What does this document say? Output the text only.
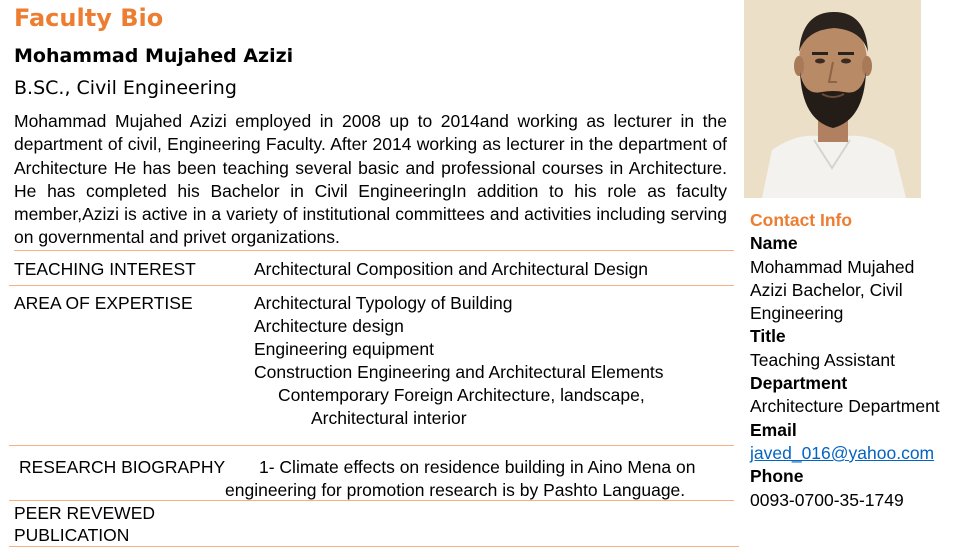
Faculty Bio
Mohammad Mujahed Azizi
B.SC., Civil Engineering
Mohammad Mujahed Azizi employed in 2008 up to 2014and working as lecturer in the department of civil, Engineering Faculty. After 2014 working as lecturer in the department of Architecture He has been teaching several basic and professional courses in Architecture. He has completed his Bachelor in Civil EngineeringIn addition to his role as faculty member,Azizi is active in a variety of institutional committees and activities including serving on governmental and privet organizations.
TEACHING INTEREST	Architectural Composition and Architectural Design
AREA OF EXPERTISE	Architectural Typology of Building
Architecture design
Engineering equipment
Construction Engineering and Architectural Elements
Contemporary Foreign Architecture, landscape,
Architectural interior
RESEARCH BIOGRAPHY 1- Climate effects on residence building in Aino Mena on
engineering for promotion research is by Pashto Language.
PEER REVEWED
PUBLICATION
Contact Info
Name
Mohammad Mujahed
Azizi Bachelor, Civil
Engineering
Title
Teaching Assistant
Department
Architecture Department
Email
javed_016@yahoo.com
Phone
0093-0700-35-1749
